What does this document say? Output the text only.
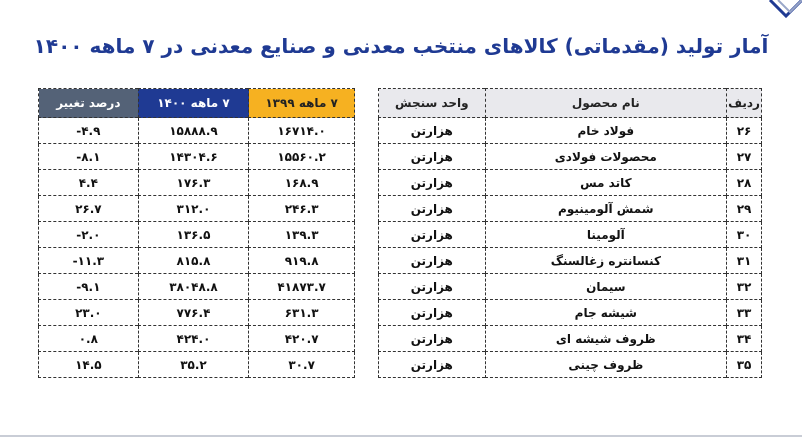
آمار تولید (مقدماتی) کالاهای منتخب معدنی و صنایع معدنی در ۷ ماهه ۱۴۰۰
۷ ماهه ۱۳۹۹	۷ ماهه ۱۴۰۰	درصد تغییر
۱۶۷۱۴.۰	۱۵۸۸۸.۹	-۴.۹
۱۵۵۶۰.۲	۱۴۳۰۴.۶	-۸.۱
۱۶۸.۹	۱۷۶.۳	۴.۴
۲۴۶.۳	۳۱۲.۰	۲۶.۷
۱۳۹.۳	۱۳۶.۵	-۲.۰
۹۱۹.۸	۸۱۵.۸	-۱۱.۳
۴۱۸۷۳.۷	۳۸۰۴۸.۸	-۹.۱
۶۳۱.۳	۷۷۶.۴	۲۳.۰
۴۲۰.۷	۴۲۴.۰	۰.۸
۳۰.۷	۳۵.۲	۱۴.۵
ردیف	نام محصول	واحد سنجش
۲۶	فولاد خام	هزارتن
۲۷	محصولات فولادی	هزارتن
۲۸	کاتد مس	هزارتن
۲۹	شمش آلومینیوم	هزارتن
۳۰	آلومینا	هزارتن
۳۱	کنسانتره زغالسنگ	هزارتن
۳۲	سیمان	هزارتن
۳۳	شیشه جام	هزارتن
۳۴	ظروف شیشه ای	هزارتن
۳۵	ظروف چینی	هزارتن
